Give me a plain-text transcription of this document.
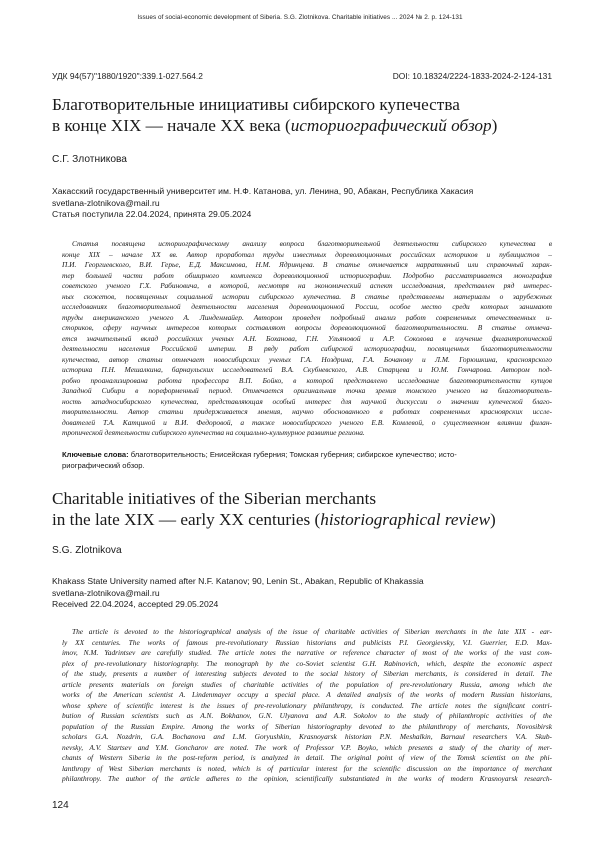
Issues of social-economic development of Siberia. S.G. Zlotnikova. Charitable initiatives ... 2024 № 2. p. 124-131
УДК 94(57)"1880/1920":339.1-027.564.2	DOI: 10.18324/2224-1833-2024-2-124-131
Благотворительные инициативы сибирского купечества
в конце XIX — начале XX века (историографический обзор)
С.Г. Злотникова
Хакасский государственный университет им. Н.Ф. Катанова, ул. Ленина, 90, Абакан, Республика Хакасия
svetlana-zlotnikova@mail.ru
Статья поступила 22.04.2024, принята 29.05.2024
Статья посвящена историографическому анализу вопроса благотворительной деятельности сибирского купечества в
конце XIX – начале XX вв. Автор проработал труды известных дореволюционных российских историков и публицистов –
П.И. Георгиевского, В.И. Герье, Е.Д. Максимова, Н.М. Ядринцева. В статье отмечается нарративный или справочный харак-
тер большей части работ обширного комплекса дореволюционной историографии. Подробно рассматривается монография
советского ученого Г.Х. Рабиновича, в которой, несмотря на экономический аспект исследования, представлен ряд интерес-
ных сюжетов, посвященных социальной истории сибирского купечества. В статье представлены материалы о зарубежных
исследованиях благотворительной деятельности населения дореволюционной России, особое место среди которых занимают
труды американского ученого А. Линденмайер. Автором проведен подробный анализ работ современных отечественных и-
сториков, сферу научных интересов которых составляют вопросы дореволюционной благотворительности. В статье отмеча-
ется значительный вклад российских ученых А.Н. Боханова, Г.Н. Ульяновой и А.Р. Соколова в изучение филантропической
деятельности населения Российской империи. В ряду работ сибирской историографии, посвященных благотворительности
купечества, автор статьи отмечает новосибирских ученых Г.А. Ноздрина, Г.А. Бочанову и Л.М. Горюшкина, красноярского
историка П.Н. Мешалкина, барнаульских исследователей В.А. Скубневского, А.В. Старцева и Ю.М. Гончарова. Автором под-
робно проанализирована работа профессора В.П. Бойко, в которой представлено исследование благотворительности купцов
Западной Сибири в пореформенный период. Отмечается оригинальная точка зрения томского ученого на благотворитель-
ность западносибирского купечества, представляющая особый интерес для научной дискуссии о значении купеческой благо-
творительности. Автор статьи придерживается мнения, научно обоснованного в работах современных красноярских иссле-
дователей Т.А. Катциной и В.И. Федоровой, а также новосибирского ученого Е.В. Комлевой, о существенном влиянии филан-
тропической деятельности сибирского купечества на социально-культурное развитие региона.
Ключевые слова: благотворительность; Енисейская губерния; Томская губерния; сибирское купечество; исто-
риографический обзор.
Charitable initiatives of the Siberian merchants
in the late XIX — early XX centuries (historiographical review)
S.G. Zlotnikova
Khakass State University named after N.F. Katanov; 90, Lenin St., Abakan, Republic of Khakassia
svetlana-zlotnikova@mail.ru
Received 22.04.2024, accepted 29.05.2024
The article is devoted to the historiographical analysis of the issue of charitable activities of Siberian merchants in the late XIX - ear-
ly XX centuries. The works of famous pre-revolutionary Russian historians and publicists P.I. Georgievsky, V.I. Guerrier, E.D. Max-
imov, N.M. Yadrintsev are carefully studied. The article notes the narrative or reference character of most of the works of the vast com-
plex of pre-revolutionary historiography. The monograph by the co-Soviet scientist G.H. Rabinovich, which, despite the economic aspect
of the study, presents a number of interesting subjects devoted to the social history of Siberian merchants, is considered in detail. The
article presents materials on foreign studies of charitable activities of the population of pre-revolutionary Russia, among which the
works of the American scientist A. Lindenmayer occupy a special place. A detailed analysis of the works of modern Russian historians,
whose sphere of scientific interest is the issues of pre-revolutionary philanthropy, is conducted. The article notes the significant contri-
bution of Russian scientists such as A.N. Bokhanov, G.N. Ulyanova and A.R. Sokolov to the study of philanthropic activities of the
population of the Russian Empire. Among the works of Siberian historiography devoted to the philanthropy of merchants, Novosibirsk
scholars G.A. Nozdrin, G.A. Bochanova and L.M. Goryushkin, Krasnoyarsk historian P.N. Meshalkin, Barnaul researchers V.A. Skub-
nevsky, A.V. Startsev and Y.M. Goncharov are noted. The work of Professor V.P. Boyko, which presents a study of the charity of mer-
chants of Western Siberia in the post-reform period, is analyzed in detail. The original point of view of the Tomsk scientist on the phi-
lanthropy of West Siberian merchants is noted, which is of particular interest for the scientific discussion on the importance of merchant
philanthropy. The author of the article adheres to the opinion, scientifically substantiated in the works of modern Krasnoyarsk research-
124
